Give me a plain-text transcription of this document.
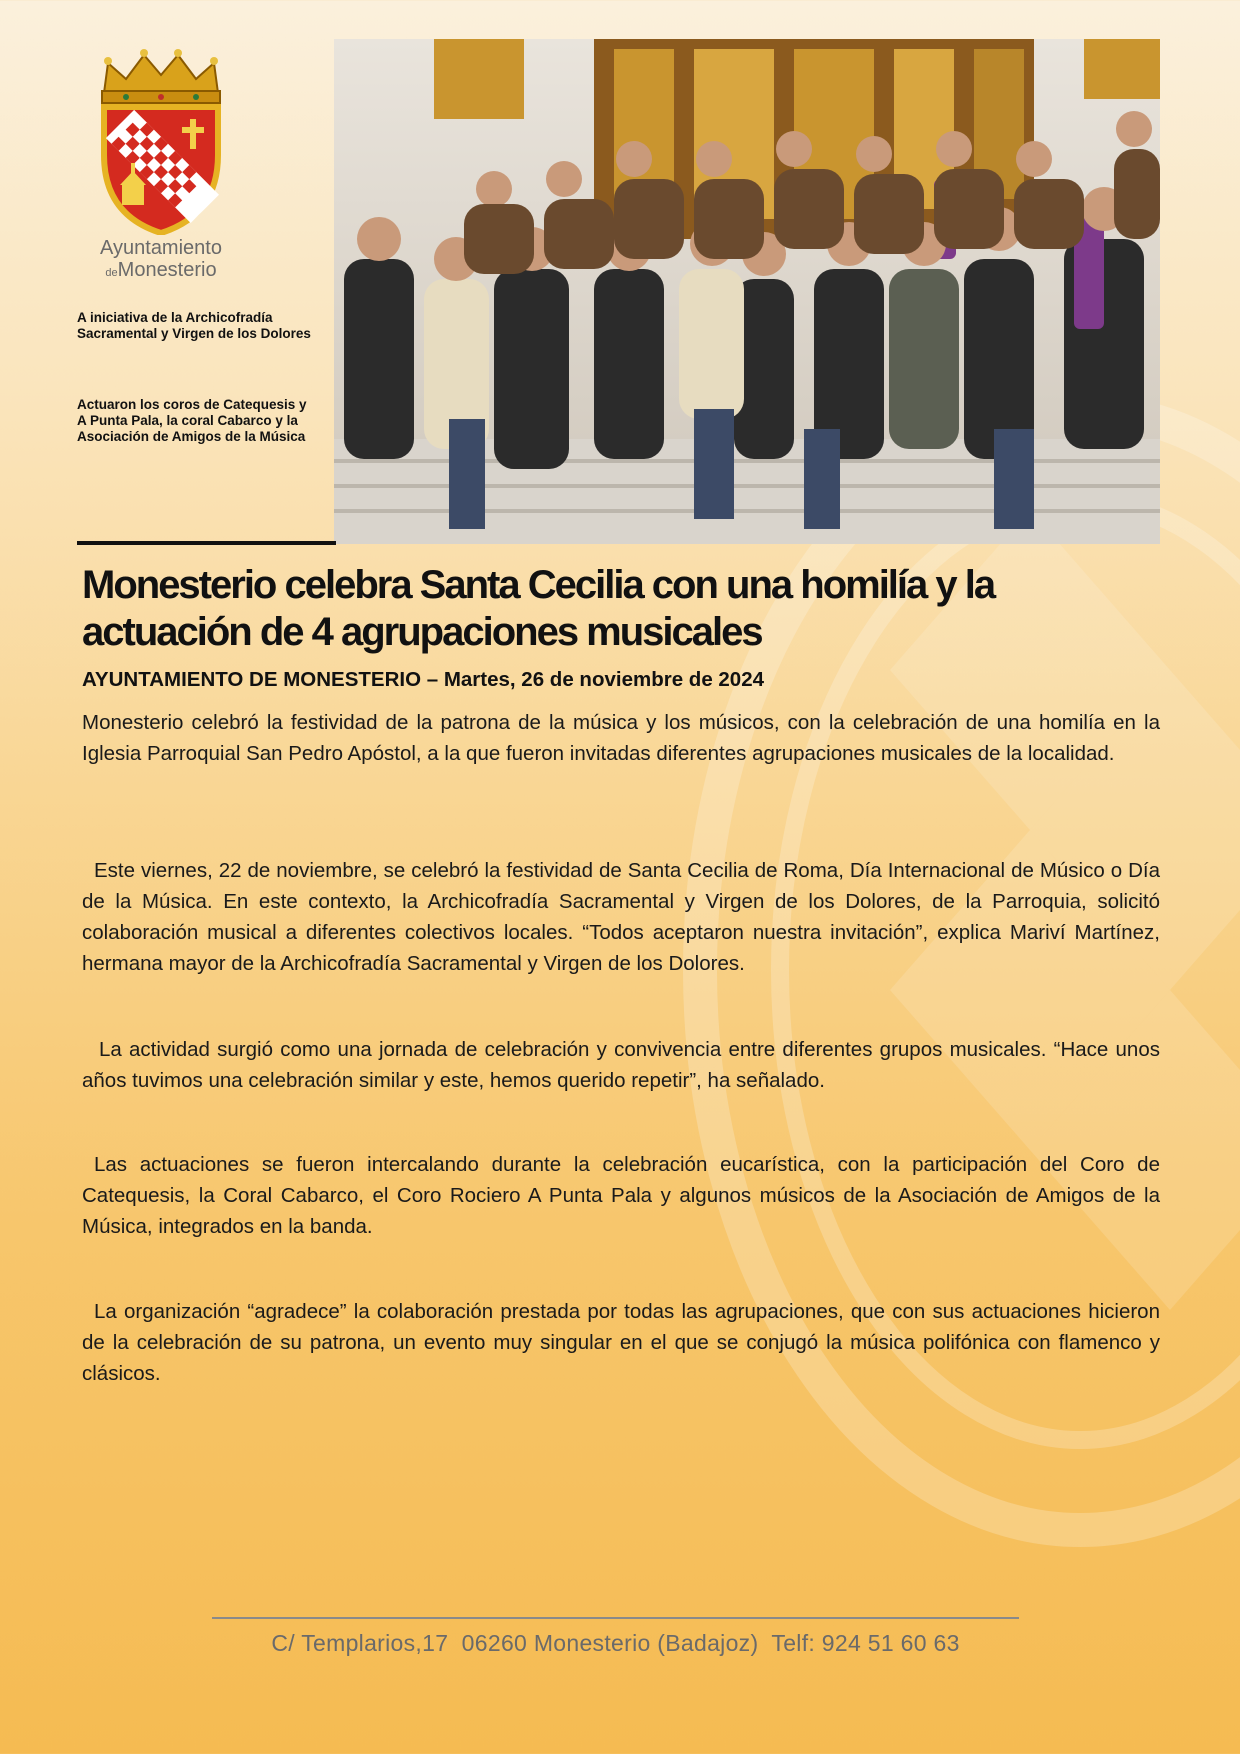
Ayuntamiento
deMonesterio

A iniciativa de la Archicofradía Sacramental y Virgen de los Dolores

Actuaron los coros de Catequesis y A Punta Pala, la coral Cabarco y la Asociación de Amigos de la Música

Monesterio celebra Santa Cecilia con una homilía y la actuación de 4 agrupaciones musicales

AYUNTAMIENTO DE MONESTERIO – Martes, 26 de noviembre de 2024

Monesterio celebró la festividad de la patrona de la música y los músicos, con la celebración de una homilía en la Iglesia Parroquial San Pedro Apóstol, a la que fueron invitadas diferentes agrupaciones musicales de la localidad.

Este viernes, 22 de noviembre, se celebró la festividad de Santa Cecilia de Roma, Día Internacional de Músico o Día de la Música. En este contexto, la Archicofradía Sacramental y Virgen de los Dolores, de la Parroquia, solicitó colaboración musical a diferentes colectivos locales. “Todos aceptaron nuestra invitación”, explica Mariví Martínez, hermana mayor de la Archicofradía Sacramental y Virgen de los Dolores.

La actividad surgió como una jornada de celebración y convivencia entre diferentes grupos musicales. “Hace unos años tuvimos una celebración similar y este, hemos querido repetir”, ha señalado.

Las actuaciones se fueron intercalando durante la celebración eucarística, con la participación del Coro de Catequesis, la Coral Cabarco, el Coro Rociero A Punta Pala y algunos músicos de la Asociación de Amigos de la Música, integrados en la banda.

La organización “agradece” la colaboración prestada por todas las agrupaciones, que con sus actuaciones hicieron de la celebración de su patrona, un evento muy singular en el que se conjugó la música polifónica con flamenco y clásicos.

C/ Templarios,17  06260 Monesterio (Badajoz)  Telf: 924 51 60 63
